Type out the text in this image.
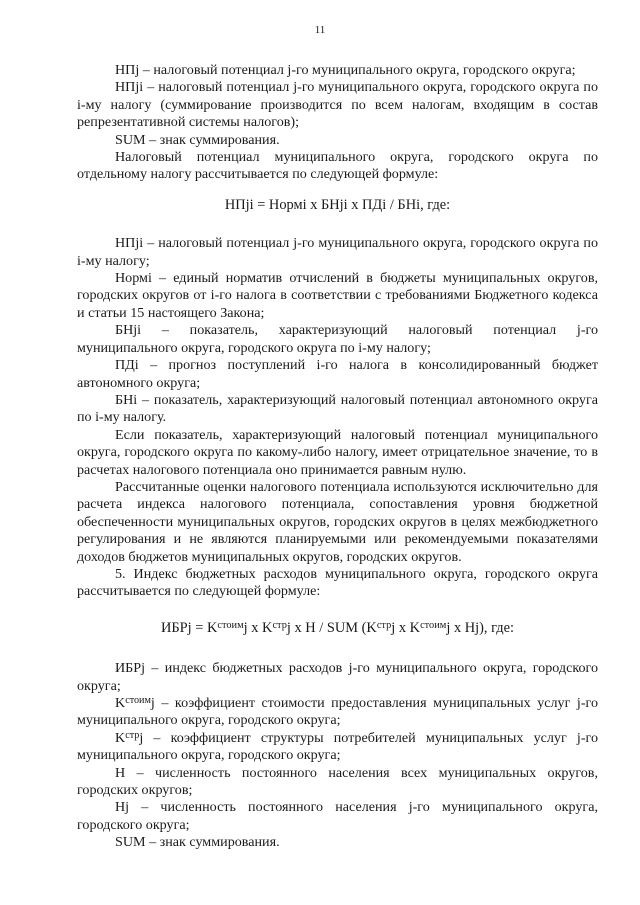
11

НПj – налоговый потенциал j-го муниципального округа, городского округа;

НПji – налоговый потенциал j-го муниципального округа, городского округа по i-му налогу (суммирование производится по всем налогам, входящим в состав репрезентативной системы налогов);

SUM – знак суммирования.

Налоговый потенциал муниципального округа, городского округа по отдельному налогу рассчитывается по следующей формуле:

НПji = Нормi x БНji x ПДi / БНi, где:

НПji – налоговый потенциал j-го муниципального округа, городского округа по i-му налогу;

Нормi – единый норматив отчислений в бюджеты муниципальных округов, городских округов от i-го налога в соответствии с требованиями Бюджетного кодекса и статьи 15 настоящего Закона;

БНji – показатель, характеризующий налоговый потенциал j-го муниципального округа, городского округа по i-му налогу;

ПДi – прогноз поступлений i-го налога в консолидированный бюджет автономного округа;

БНi – показатель, характеризующий налоговый потенциал автономного округа по i-му налогу.

Если показатель, характеризующий налоговый потенциал муниципального округа, городского округа по какому-либо налогу, имеет отрицательное значение, то в расчетах налогового потенциала оно принимается равным нулю.

Рассчитанные оценки налогового потенциала используются исключительно для расчета индекса налогового потенциала, сопоставления уровня бюджетной обеспеченности муниципальных округов, городских округов в целях межбюджетного регулирования и не являются планируемыми или рекомендуемыми показателями доходов бюджетов муниципальных округов, городских округов.

5. Индекс бюджетных расходов муниципального округа, городского округа рассчитывается по следующей формуле:

ИБРj = $K^{стоим}j$ x $K^{стр}j$ x H / SUM ($K^{стр}j$ x $K^{стоим}j$ x Hj), где:

ИБРj – индекс бюджетных расходов j-го муниципального округа, городского округа;

$K^{стоим}j$ – коэффициент стоимости предоставления муниципальных услуг j-го муниципального округа, городского округа;

$K^{стр}j$ – коэффициент структуры потребителей муниципальных услуг j-го муниципального округа, городского округа;

H – численность постоянного населения всех муниципальных округов, городских округов;

Hj – численность постоянного населения j-го муниципального округа, городского округа;

SUM – знак суммирования.
